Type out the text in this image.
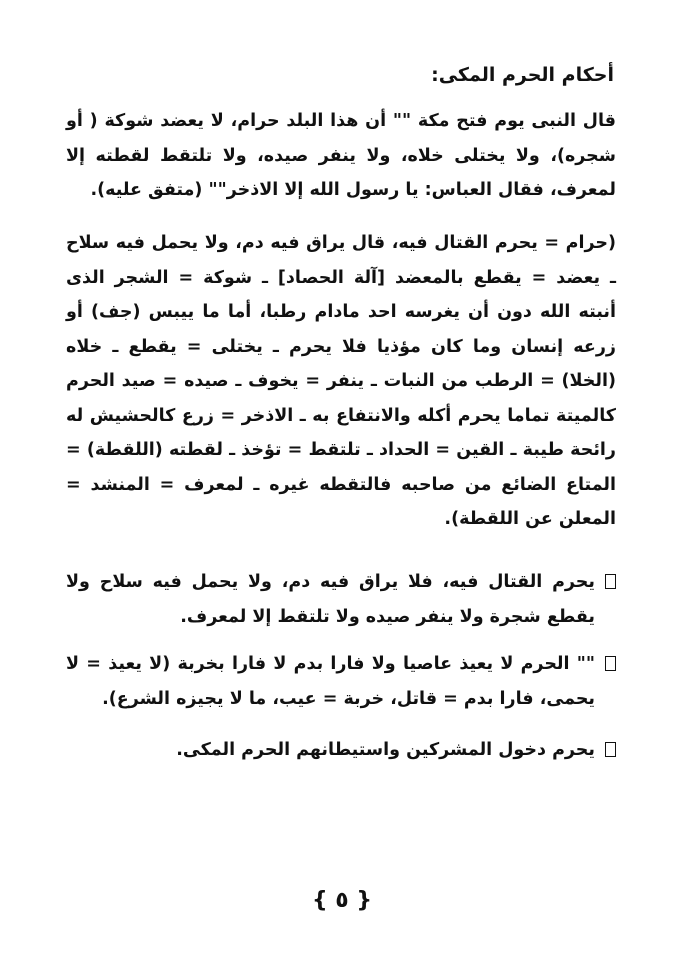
أحكام الحرم المكى:

قال النبى يوم فتح مكة "" أن هذا البلد حرام، لا يعضد شوكة ( أو شجره)، ولا يختلى خلاه، ولا ينفر صيده، ولا تلتقط لقطته إلا لمعرف، فقال العباس: يا رسول الله إلا الاذخر"" (متفق عليه).

(حرام = يحرم القتال فيه، قال يراق فيه دم، ولا يحمل فيه سلاح ـ يعضد = يقطع بالمعضد [آلة الحصاد] ـ شوكة = الشجر الذى أنبته الله دون أن يغرسه احد مادام رطبا، أما ما ييبس (جف) أو زرعه إنسان وما كان مؤذيا فلا يحرم ـ يختلى = يقطع ـ خلاه (الخلا) = الرطب من النبات ـ ينفر = يخوف ـ صيده = صيد الحرم كالميتة تماما يحرم أكله والانتفاع به ـ الاذخر = زرع كالحشيش له رائحة طيبة ـ القين = الحداد ـ تلتقط = تؤخذ ـ لقطته (اللقطة) = المتاع الضائع من صاحبه فالتقطه غيره ـ لمعرف = المنشد = المعلن عن اللقطة).

يحرم القتال فيه، فلا يراق فيه دم، ولا يحمل فيه سلاح ولا يقطع شجرة ولا ينفر صيده ولا تلتقط إلا لمعرف.

"" الحرم لا يعيذ عاصيا ولا فارا بدم لا فارا بخربة (لا يعيذ = لا يحمى، فارا بدم = قاتل، خربة = عيب، ما لا يجيزه الشرع).

يحرم دخول المشركين واستيطانهم الحرم المكى.

{ ٥ }
